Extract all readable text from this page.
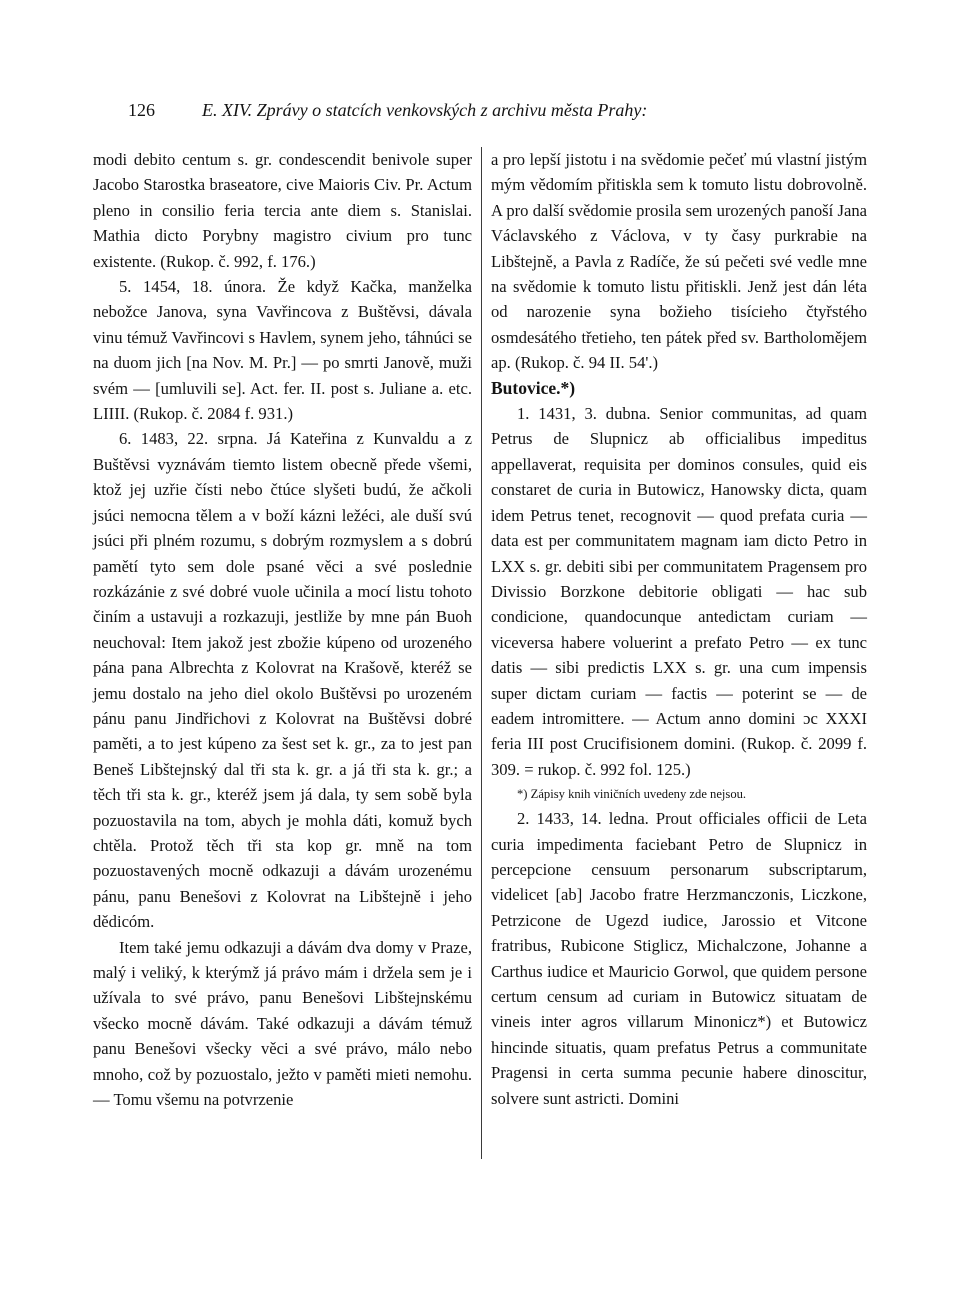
126	E. XIV. Zprávy o statcích venkovských z archivu města Prahy:

modi debito centum s. gr. condescendit benivole super Jacobo Starostka braseatore, cive Maioris Civ. Pr. Actum pleno in consilio feria tercia ante diem s. Stanislai. Mathia dicto Porybny magistro civium pro tunc existente. (Rukop. č. 992, f. 176.)

5. 1454, 18. února. Že když Kačka, manželka nebožce Janova, syna Vavřincova z Buštěvsi, dávala vinu témuž Vavřincovi s Havlem, synem jeho, táhnúci se na duom jich [na Nov. M. Pr.] — po smrti Janově, muži svém — [umluvili se]. Act. fer. II. post s. Juliane a. etc. LIIII. (Rukop. č. 2084 f. 931.)

6. 1483, 22. srpna. Já Kateřina z Kunvaldu a z Buštěvsi vyznávám tiemto listem obecně přede všemi, ktož jej uzřie čísti nebo čtúce slyšeti budú, že ačkoli jsúci nemocna tělem a v boží kázni ležéci, ale duší svú jsúci při plném rozumu, s dobrým rozmyslem a s dobrú pamětí tyto sem dole psané věci a své poslednie rozkázánie z své dobré vuole učinila a mocí listu tohoto činím a ustavuji a rozkazuji, jestliže by mne pán Buoh neuchoval: Item jakož jest zbožie kúpeno od urozeného pána pana Albrechta z Kolovrat na Krašově, kteréž se jemu dostalo na jeho diel okolo Buštěvsi po urozeném pánu panu Jindřichovi z Kolovrat na Buštěvsi dobré paměti, a to jest kúpeno za šest set k. gr., za to jest pan Beneš Libštejnský dal tři sta k. gr. a já tři sta k. gr.; a těch tři sta k. gr., kteréž jsem já dala, ty sem sobě byla pozuostavila na tom, abych je mohla dáti, komuž bych chtěla. Protož těch tři sta kop gr. mně na tom pozuostavených mocně odkazuji a dávám urozenému pánu, panu Benešovi z Kolovrat na Libštejně i jeho dědicóm.

Item také jemu odkazuji a dávám dva domy v Praze, malý i veliký, k kterýmž já právo mám i držela sem je i užívala to své právo, panu Benešovi Libštejnskému všecko mocně dávám. Také odkazuji a dávám témuž panu Benešovi všecky věci a své právo, málo nebo mnoho, což by pozuostalo, ježto v paměti mieti nemohu. — Tomu všemu na potvrzenie

a pro lepší jistotu i na svědomie pečeť mú vlastní jistým mým vědomím přitiskla sem k tomuto listu dobrovolně. A pro další svědomie prosila sem urozených panoší Jana Václavského z Václova, v ty časy purkrabie na Libštejně, a Pavla z Radíče, že sú pečeti své vedle mne na svědomie k tomuto listu přitiskli. Jenž jest dán léta od narozenie syna božieho tisícieho čtyřstého osmdesátého třetieho, ten pátek před sv. Bartholomějem ap. (Rukop. č. 94 II. 54'.)

Butovice.*)

1. 1431, 3. dubna. Senior communitas, ad quam Petrus de Slupnicz ab officialibus impeditus appellaverat, requisita per dominos consules, quid eis constaret de curia in Butowicz, Hanowsky dicta, quam idem Petrus tenet, recognovit — quod prefata curia — data est per communitatem magnam iam dicto Petro in LXX s. gr. debiti sibi per communitatem Pragensem pro Divissio Borzkone debitorie obligati — hac sub condicione, quandocunque antedictam curiam — viceversa habere voluerint a prefato Petro — ex tunc datis — sibi predictis LXX s. gr. una cum impensis super dictam curiam — factis — poterint se — de eadem intromittere. — Actum anno domini ɔc XXXI feria III post Crucifisionem domini. (Rukop. č. 2099 f. 309. = rukop. č. 992 fol. 125.)

*) Zápisy knih viničních uvedeny zde nejsou.

2. 1433, 14. ledna. Prout officiales officii de Leta curia impedimenta faciebant Petro de Slupnicz in percepcione censuum personarum subscriptarum, videlicet [ab] Jacobo fratre Herzmanczonis, Liczkone, Petrzicone de Ugezd iudice, Jarossio et Vitcone fratribus, Rubicone Stiglicz, Michalczone, Johanne a Carthus iudice et Mauricio Gorwol, que quidem persone certum censum ad curiam in Butowicz situatam de vineis inter agros villarum Minonicz*) et Butowicz hincinde situatis, quam prefatus Petrus a communitate Pragensi in certa summa pecunie habere dinoscitur, solvere sunt astricti. Domini
